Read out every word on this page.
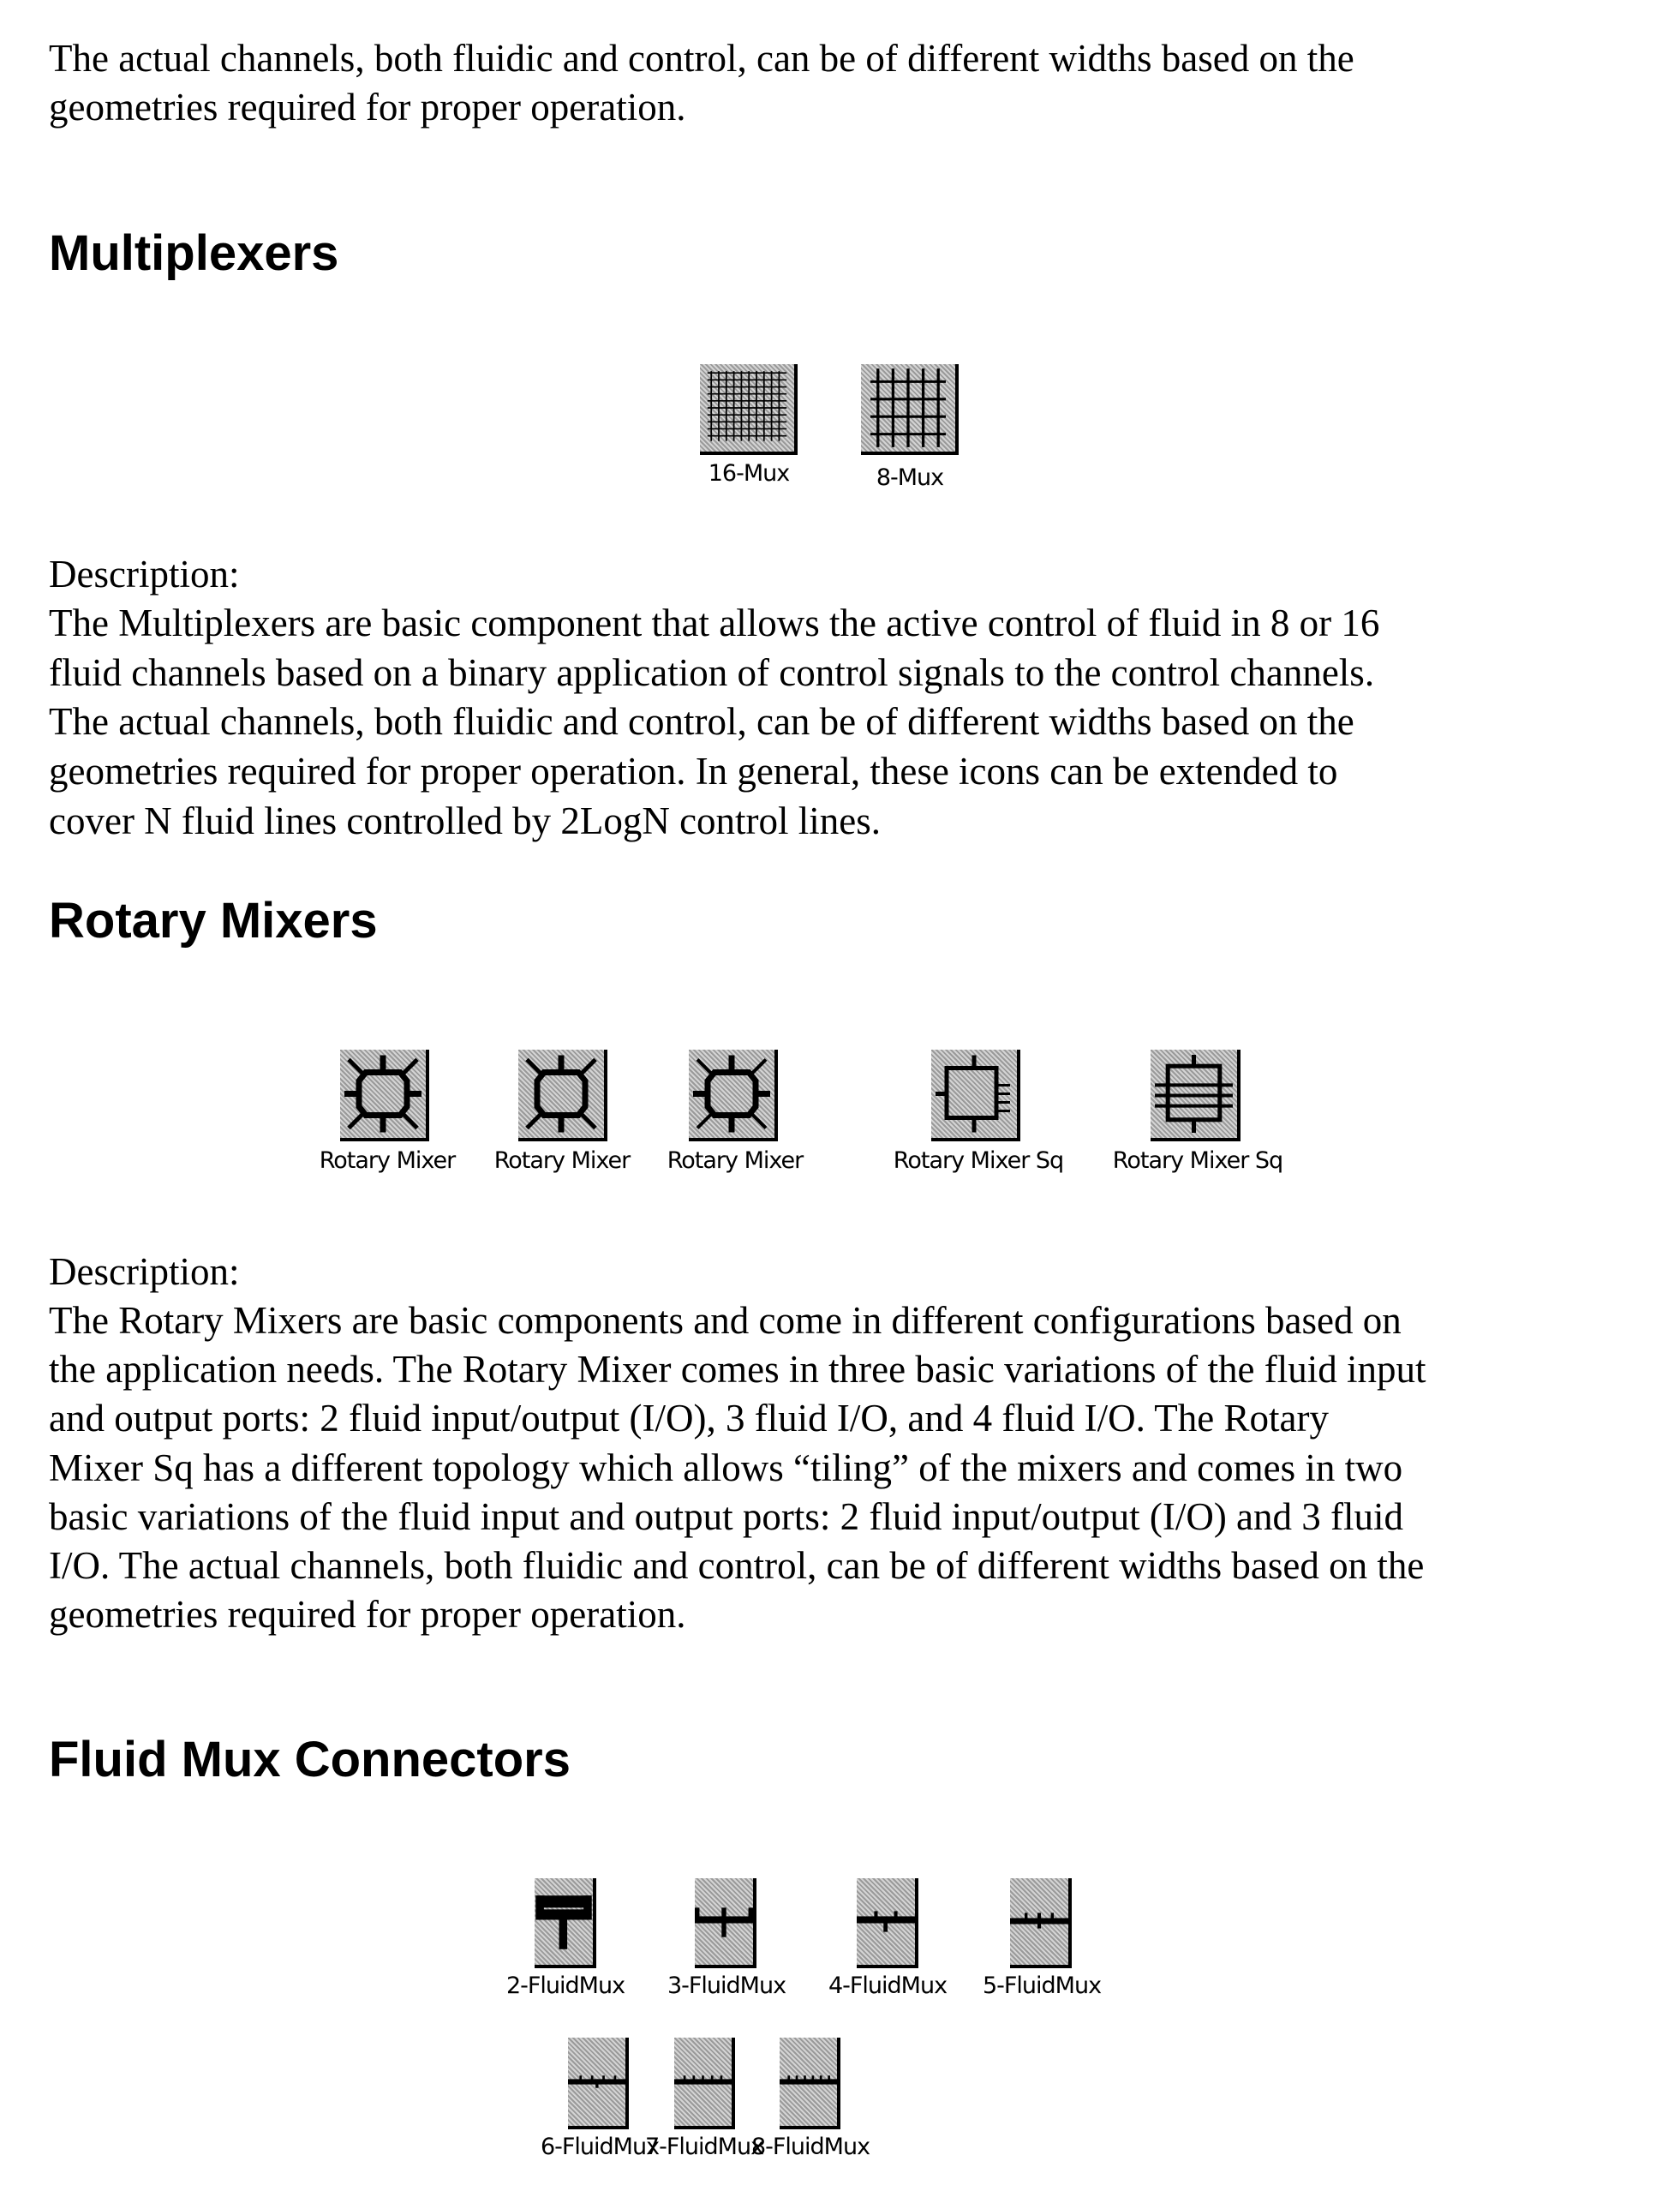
The actual channels, both fluidic and control, can be of different widths based on the
geometries required for proper operation.
Multiplexers
16-Mux	8-Mux
Description:
The Multiplexers are basic component that allows the active control of fluid in 8 or 16
fluid channels based on a binary application of control signals to the control channels.
The actual channels, both fluidic and control, can be of different widths based on the
geometries required for proper operation. In general, these icons can be extended to
cover N fluid lines controlled by 2LogN control lines.
Rotary Mixers
Rotary Mixer Rotary Mixer Rotary Mixer	Rotary Mixer Sq Rotary Mixer Sq
Description:
The Rotary Mixers are basic components and come in different configurations based on
the application needs. The Rotary Mixer comes in three basic variations of the fluid input
and output ports: 2 fluid input/output (I/O), 3 fluid I/O, and 4 fluid I/O. The Rotary
Mixer Sq has a different topology which allows “tiling” of the mixers and comes in two
basic variations of the fluid input and output ports: 2 fluid input/output (I/O) and 3 fluid
I/O. The actual channels, both fluidic and control, can be of different widths based on the
geometries required for proper operation.
Fluid Mux Connectors
2-FluidMux 3-FluidMux 4-FluidMux 5-FluidMux
6-FluidMux
7-FluidMux
8-FluidMux
